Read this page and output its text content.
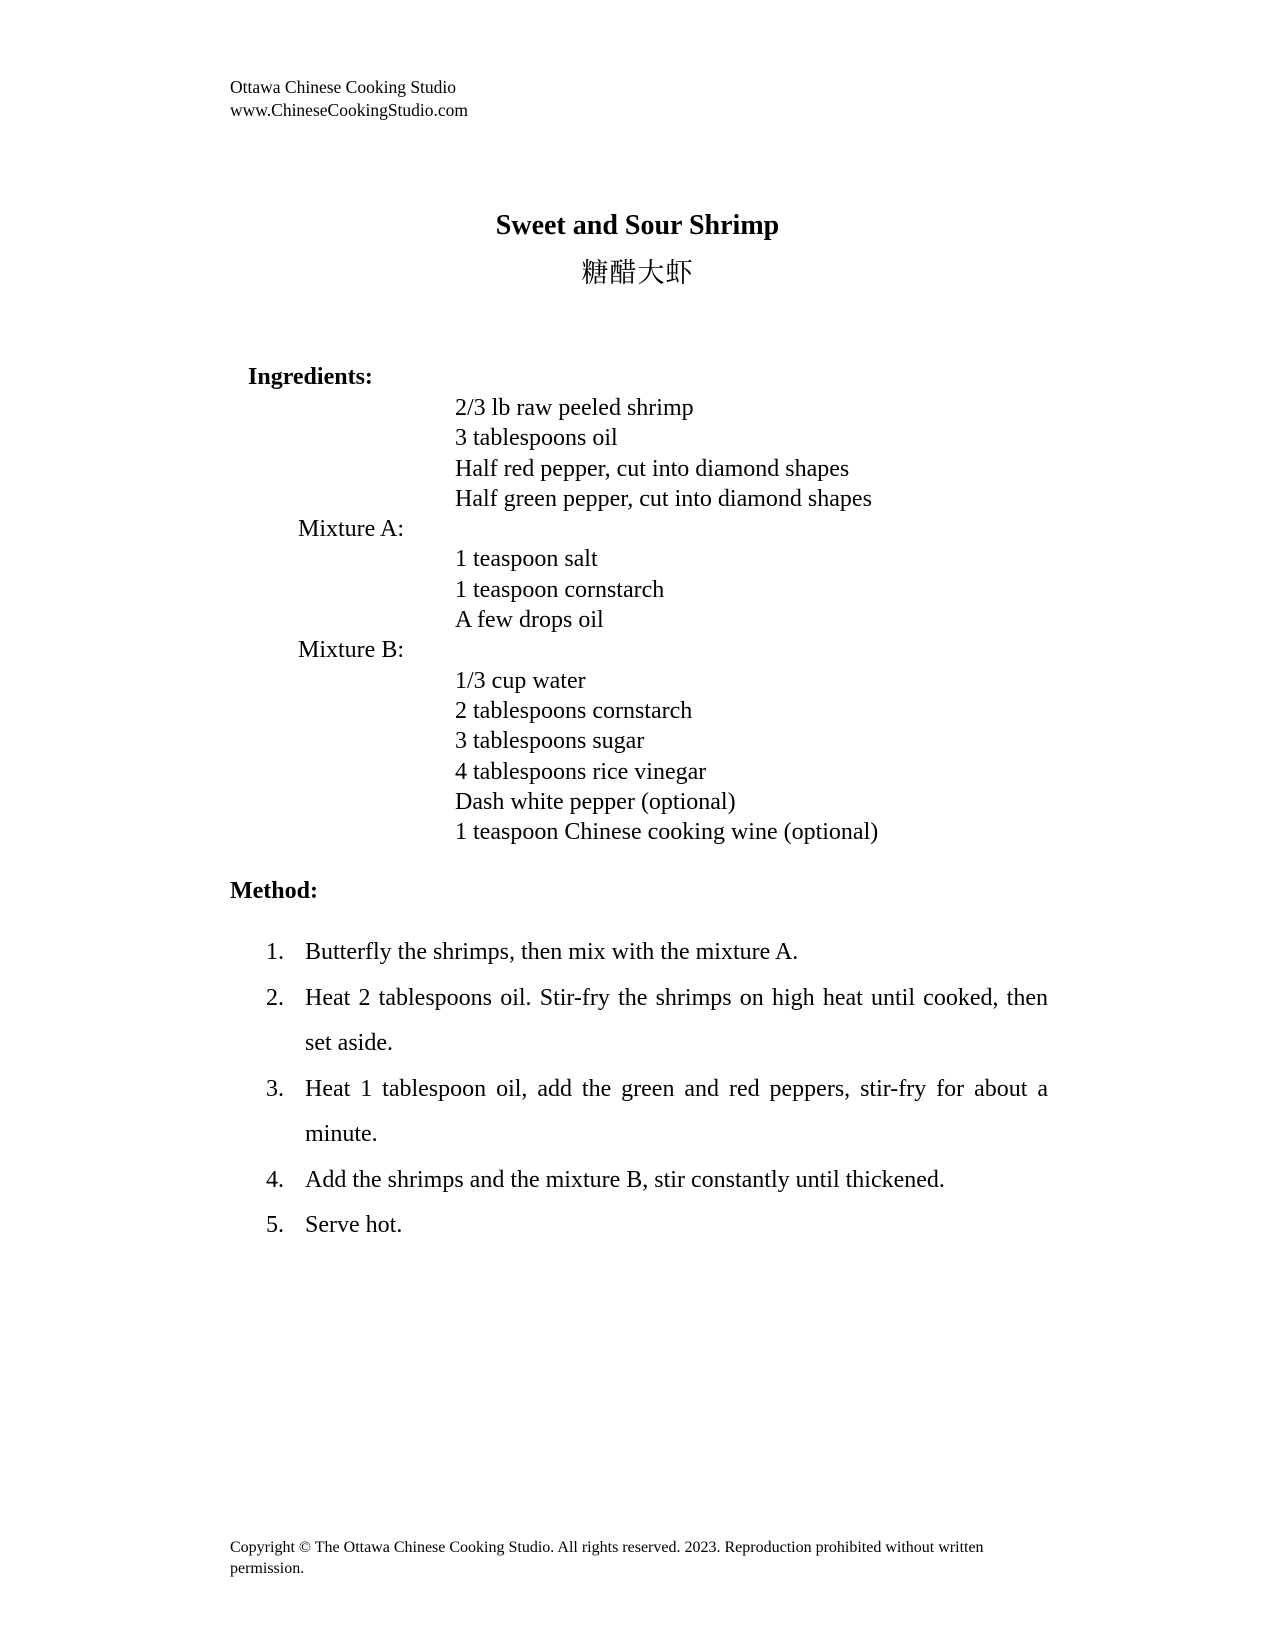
Ottawa Chinese Cooking Studio
www.ChineseCookingStudio.com
Sweet and Sour Shrimp
糖醋大虾
Ingredients:
2/3 lb raw peeled shrimp
3 tablespoons oil
Half red pepper, cut into diamond shapes
Half green pepper, cut into diamond shapes
Mixture A:
1 teaspoon salt
1 teaspoon cornstarch
A few drops oil
Mixture B:
1/3 cup water
2 tablespoons cornstarch
3 tablespoons sugar
4 tablespoons rice vinegar
Dash white pepper (optional)
1 teaspoon Chinese cooking wine (optional)
Method:
1. Butterfly the shrimps, then mix with the mixture A.
2. Heat 2 tablespoons oil. Stir-fry the shrimps on high heat until cooked, then set aside.
3. Heat 1 tablespoon oil, add the green and red peppers, stir-fry for about a minute.
4. Add the shrimps and the mixture B, stir constantly until thickened.
5. Serve hot.
Copyright © The Ottawa Chinese Cooking Studio. All rights reserved. 2023. Reproduction prohibited without written permission.
